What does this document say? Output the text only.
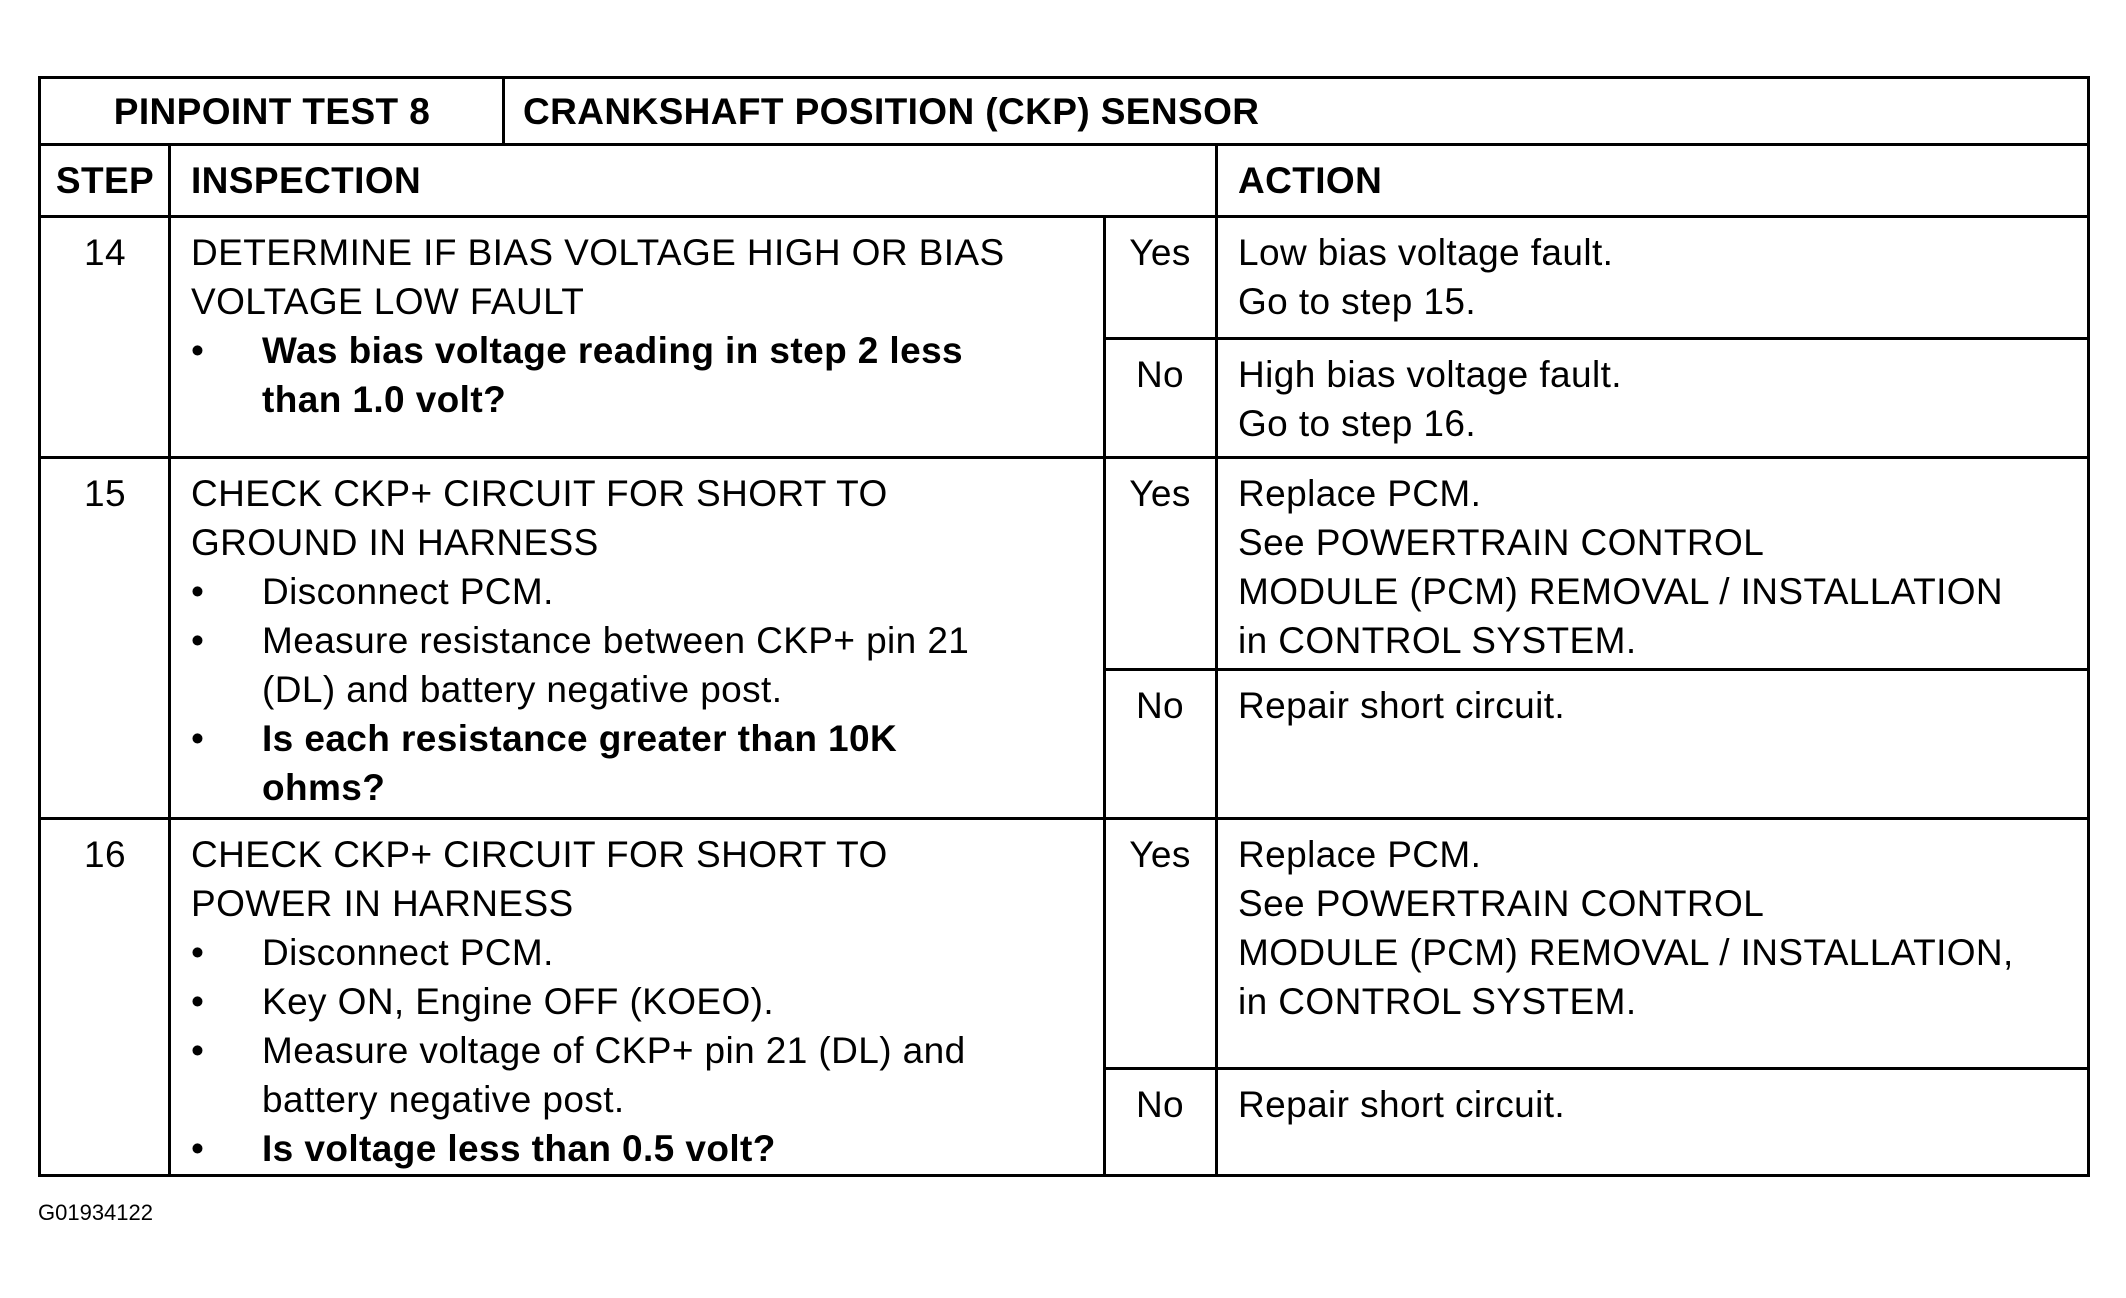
PINPOINT TEST 8	CRANKSHAFT POSITION (CKP) SENSOR
STEP INSPECTION	ACTION
14	DETERMINE IF BIAS VOLTAGE HIGH OR BIAS
VOLTAGE LOW FAULT
• Was bias voltage reading in step 2 less
than 1.0 volt?
Yes	Low bias voltage fault.
Go to step 15.
No	High bias voltage fault.
Go to step 16.
15	CHECK CKP+ CIRCUIT FOR SHORT TO
GROUND IN HARNESS
• Disconnect PCM.
• Measure resistance between CKP+ pin 21
(DL) and battery negative post.
• Is each resistance greater than 10K
ohms?
Yes	Replace PCM.
See POWERTRAIN CONTROL
MODULE (PCM) REMOVAL / INSTALLATION
in CONTROL SYSTEM.
No	Repair short circuit.
16	CHECK CKP+ CIRCUIT FOR SHORT TO
POWER IN HARNESS
• Disconnect PCM.
• Key ON, Engine OFF (KOEO).
• Measure voltage of CKP+ pin 21 (DL) and
battery negative post.
• Is voltage less than 0.5 volt?
Yes	Replace PCM.
See POWERTRAIN CONTROL
MODULE (PCM) REMOVAL / INSTALLATION,
in CONTROL SYSTEM.
No	Repair short circuit.
G01934122
